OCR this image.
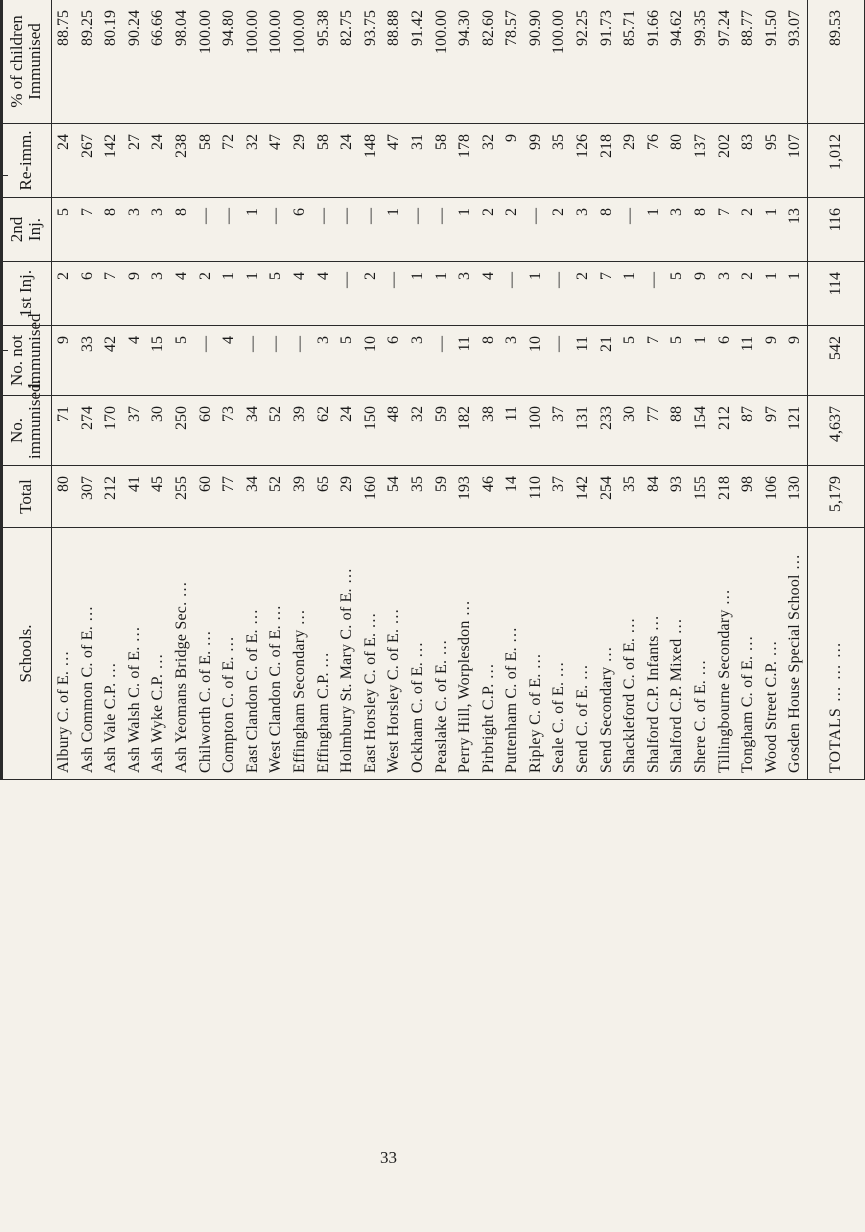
Schools.	Total	No. immunised.	No. not immunised	1st Inj.	2nd Inj.	Re-imm.	% of children Immunised
Albury C. of E. …	80	71	9	2	5	24	88.75
Ash Common C. of E. …	307	274	33	6	7	267	89.25
Ash Vale C.P. …	212	170	42	7	8	142	80.19
Ash Walsh C. of E. …	41	37	4	9	3	27	90.24
Ash Wyke C.P. …	45	30	15	3	3	24	66.66
Ash Yeomans Bridge Sec. …	255	250	5	4	8	238	98.04
Chilworth C. of E. …	60	60	—	2	—	58	100.00
Compton C. of E. …	77	73	4	1	—	72	94.80
East Clandon C. of E. …	34	34	—	1	1	32	100.00
West Clandon C. of E. …	52	52	—	5	—	47	100.00
Effingham Secondary …	39	39	—	4	6	29	100.00
Effingham C.P. …	65	62	3	4	—	58	95.38
Holmbury St. Mary C. of E. …	29	24	5	—	—	24	82.75
East Horsley C. of E. …	160	150	10	2	—	148	93.75
West Horsley C. of E. …	54	48	6	—	1	47	88.88
Ockham C. of E. …	35	32	3	1	—	31	91.42
Peaslake C. of E. …	59	59	—	1	—	58	100.00
Perry Hill, Worplesdon …	193	182	11	3	1	178	94.30
Pirbright C.P. …	46	38	8	4	2	32	82.60
Puttenham C. of E. …	14	11	3	—	2	9	78.57
Ripley C. of E. …	110	100	10	1	—	99	90.90
Seale C. of E. …	37	37	—	—	2	35	100.00
Send C. of E. …	142	131	11	2	3	126	92.25
Send Secondary …	254	233	21	7	8	218	91.73
Shackleford C. of E. …	35	30	5	1	—	29	85.71
Shalford C.P. Infants …	84	77	7	—	1	76	91.66
Shalford C.P. Mixed …	93	88	5	5	3	80	94.62
Shere C. of E. …	155	154	1	9	8	137	99.35
Tillingbourne Secondary …	218	212	6	3	7	202	97.24
Tongham C. of E. …	98	87	11	2	2	83	88.77
Wood Street C.P. …	106	97	9	1	1	95	91.50
Gosden House Special School …	130	121	9	1	13	107	93.07
TOTALS … … …	5,179	4,637	542	114	116	1,012	89.53
33
